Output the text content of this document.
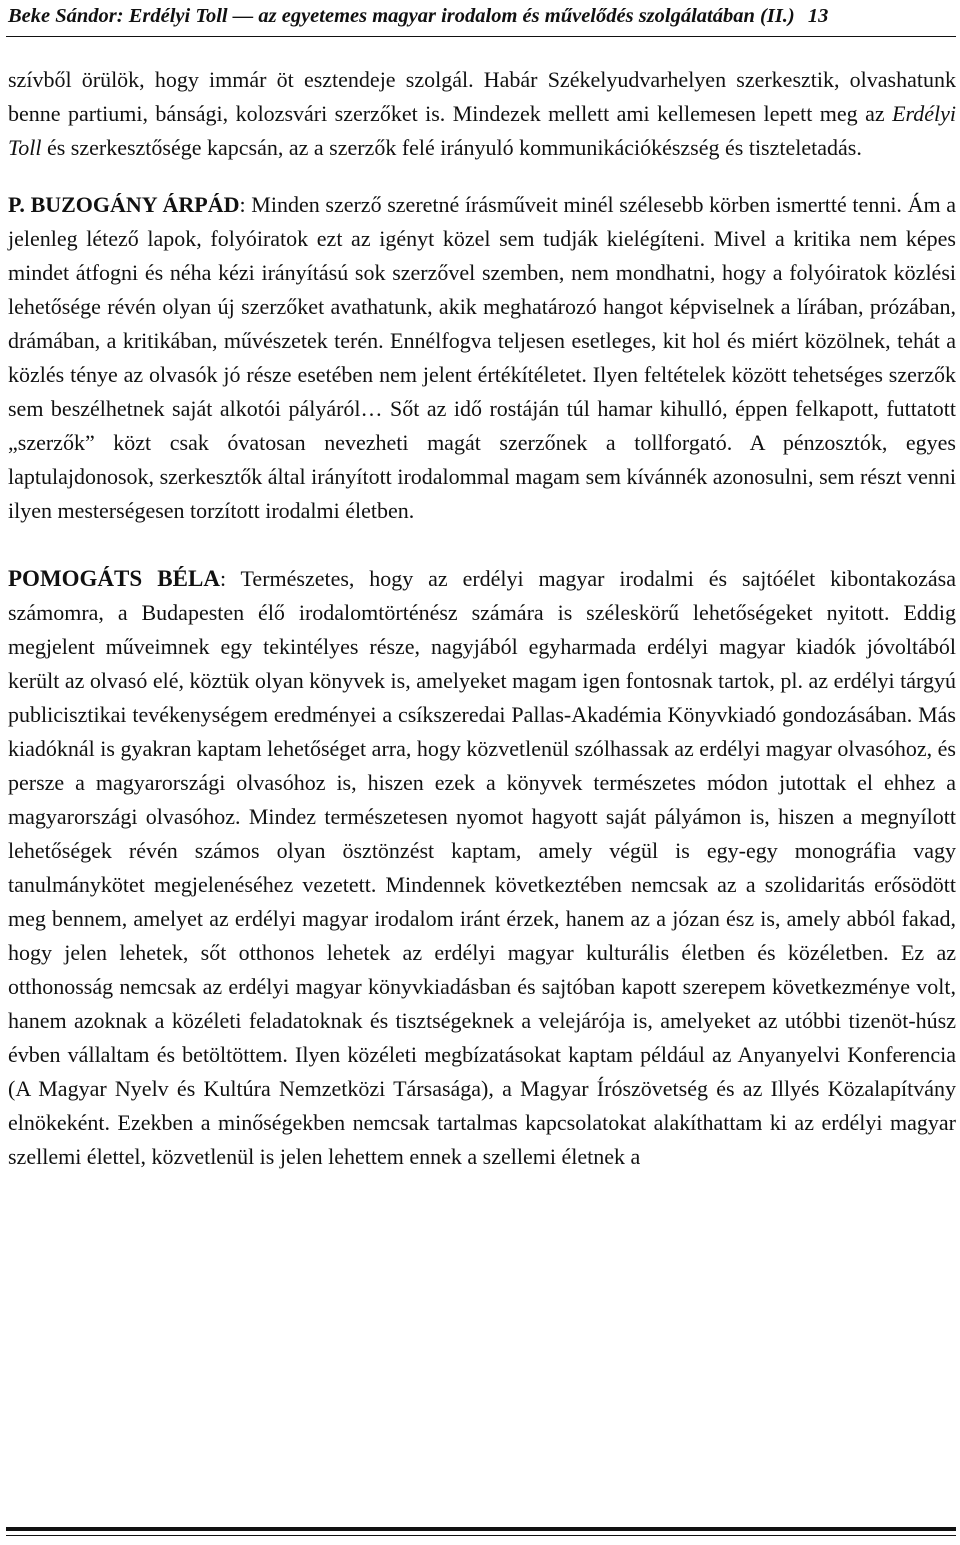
Beke Sándor: Erdélyi Toll — az egyetemes magyar irodalom és művelődés szolgálatában (II.) 13

szívből örülök, hogy immár öt esztendeje szolgál. Habár Székelyudvarhelyen szerkesztik, olvashatunk benne partiumi, bánsági, kolozsvári szerzőket is. Mindezek mellett ami kellemesen lepett meg az Erdélyi Toll és szerkesztősége kapcsán, az a szerzők felé irányuló kommunikációkészség és tiszteletadás.

P. BUZOGÁNY ÁRPÁD: Minden szerző szeretné írásműveit minél szélesebb körben ismertté tenni. Ám a jelenleg létező lapok, folyóiratok ezt az igényt közel sem tudják kielégíteni. Mivel a kritika nem képes mindet átfogni és néha kézi irányítású sok szerzővel szemben, nem mondhatni, hogy a folyóiratok közlési lehetősége révén olyan új szerzőket avathatunk, akik meghatározó hangot képviselnek a lírában, prózában, drámában, a kritikában, művészetek terén. Ennélfogva teljesen esetleges, kit hol és miért közölnek, tehát a közlés ténye az olvasók jó része esetében nem jelent értékítéletet. Ilyen feltételek között tehetséges szerzők sem beszélhetnek saját alkotói pályáról… Sőt az idő rostáján túl hamar kihulló, éppen felkapott, futtatott „szerzők” közt csak óvatosan nevezheti magát szerzőnek a tollforgató. A pénzosztók, egyes laptulajdonosok, szerkesztők által irányított irodalommal magam sem kívánnék azonosulni, sem részt venni ilyen mesterségesen torzított irodalmi életben.

POMOGÁTS BÉLA: Természetes, hogy az erdélyi magyar irodalmi és sajtóélet kibontakozása számomra, a Budapesten élő irodalomtörténész számára is széleskörű lehetőségeket nyitott. Eddig megjelent műveimnek egy tekintélyes része, nagyjából egyharmada erdélyi magyar kiadók jóvoltából került az olvasó elé, köztük olyan könyvek is, amelyeket magam igen fontosnak tartok, pl. az erdélyi tárgyú publicisztikai tevékenységem eredményei a csíkszeredai Pallas-Akadémia Könyvkiadó gondozásában. Más kiadóknál is gyakran kaptam lehetőséget arra, hogy közvetlenül szólhassak az erdélyi magyar olvasóhoz, és persze a magyarországi olvasóhoz is, hiszen ezek a könyvek természetes módon jutottak el ehhez a magyarországi olvasóhoz. Mindez természetesen nyomot hagyott saját pályámon is, hiszen a megnyílott lehetőségek révén számos olyan ösztönzést kaptam, amely végül is egy-egy monográfia vagy tanulmánykötet megjelenéséhez vezetett. Mindennek következtében nemcsak az a szolidaritás erősödött meg bennem, amelyet az erdélyi magyar irodalom iránt érzek, hanem az a józan ész is, amely abból fakad, hogy jelen lehetek, sőt otthonos lehetek az erdélyi magyar kulturális életben és közéletben. Ez az otthonosság nemcsak az erdélyi magyar könyvkiadásban és sajtóban kapott szerepem következménye volt, hanem azoknak a közéleti feladatoknak és tisztségeknek a velejárója is, amelyeket az utóbbi tizenöt-húsz évben vállaltam és betöltöttem. Ilyen közéleti megbízatásokat kaptam például az Anyanyelvi Konferencia (A Magyar Nyelv és Kultúra Nemzetközi Társasága), a Magyar Írószövetség és az Illyés Közalapítvány elnökeként. Ezekben a minőségekben nemcsak tartalmas kapcsolatokat alakíthattam ki az erdélyi magyar szellemi élettel, közvetlenül is jelen lehettem ennek a szellemi életnek a
